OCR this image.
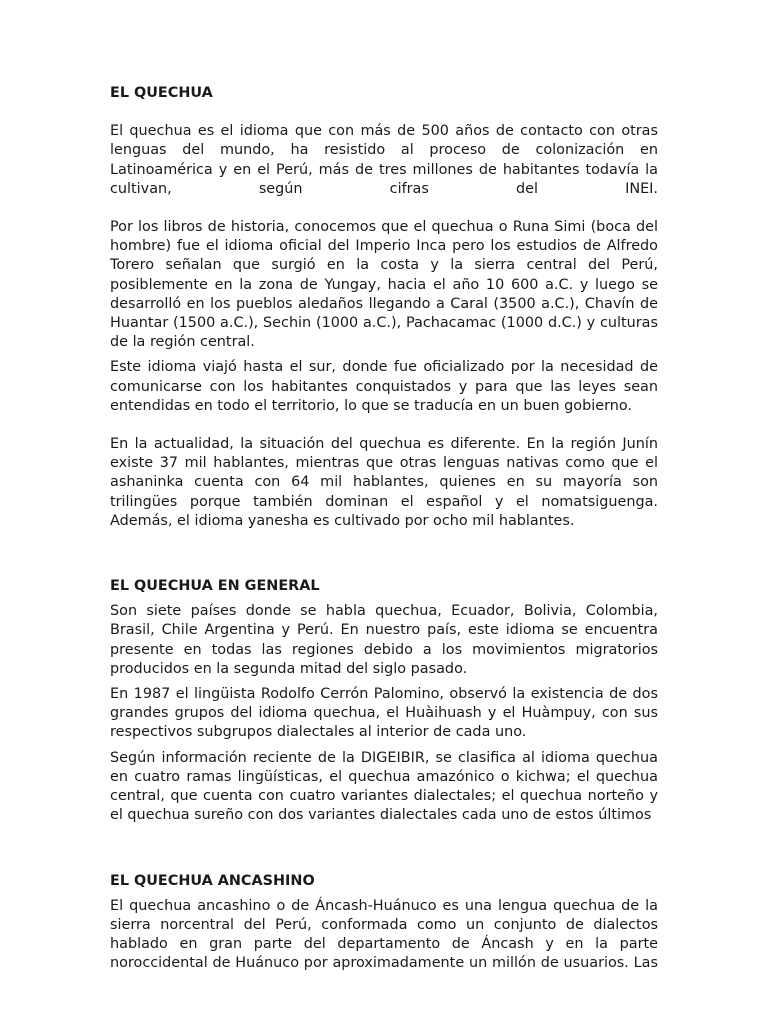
EL QUECHUA

El quechua es el idioma que con más de 500 años de contacto con otras lenguas del mundo, ha resistido al proceso de colonización en Latinoamérica y en el Perú, más de tres millones de habitantes todavía la cultivan, según cifras del INEI.

Por los libros de historia, conocemos que el quechua o Runa Simi (boca del hombre) fue el idioma oficial del Imperio Inca pero los estudios de Alfredo Torero señalan que surgió en la costa y la sierra central del Perú, posiblemente en la zona de Yungay, hacia el año 10 600 a.C. y luego se desarrolló en los pueblos aledaños llegando a Caral (3500 a.C.), Chavín de Huantar (1500 a.C.), Sechin (1000 a.C.), Pachacamac (1000 d.C.) y culturas de la región central.

Este idioma viajó hasta el sur, donde fue oficializado por la necesidad de comunicarse con los habitantes conquistados y para que las leyes sean entendidas en todo el territorio, lo que se traducía en un buen gobierno.

En la actualidad, la situación del quechua es diferente. En la región Junín existe 37 mil hablantes, mientras que otras lenguas nativas como que el ashaninka cuenta con 64 mil hablantes, quienes en su mayoría son trilingües porque también dominan el español y el nomatsiguenga. Además, el idioma yanesha es cultivado por ocho mil hablantes.

EL QUECHUA EN GENERAL

Son siete países donde se habla quechua, Ecuador, Bolivia, Colombia, Brasil, Chile Argentina y Perú. En nuestro país, este idioma se encuentra presente en todas las regiones debido a los movimientos migratorios producidos en la segunda mitad del siglo pasado.

En 1987 el lingüista Rodolfo Cerrón Palomino, observó la existencia de dos grandes grupos del idioma quechua, el Huàihuash y el Huàmpuy, con sus respectivos subgrupos dialectales al interior de cada uno.

Según información reciente de la DIGEIBIR, se clasifica al idioma quechua en cuatro ramas lingüísticas, el quechua amazónico o kichwa; el quechua central, que cuenta con cuatro variantes dialectales; el quechua norteño y el quechua sureño con dos variantes dialectales cada uno de estos últimos

EL QUECHUA ANCASHINO

El quechua ancashino o de Áncash-Huánuco es una lengua quechua de la sierra norcentral del Perú, conformada como un conjunto de dialectos hablado en gran parte del departamento de Áncash y en la parte noroccidental de Huánuco por aproximadamente un millón de usuarios. Las
